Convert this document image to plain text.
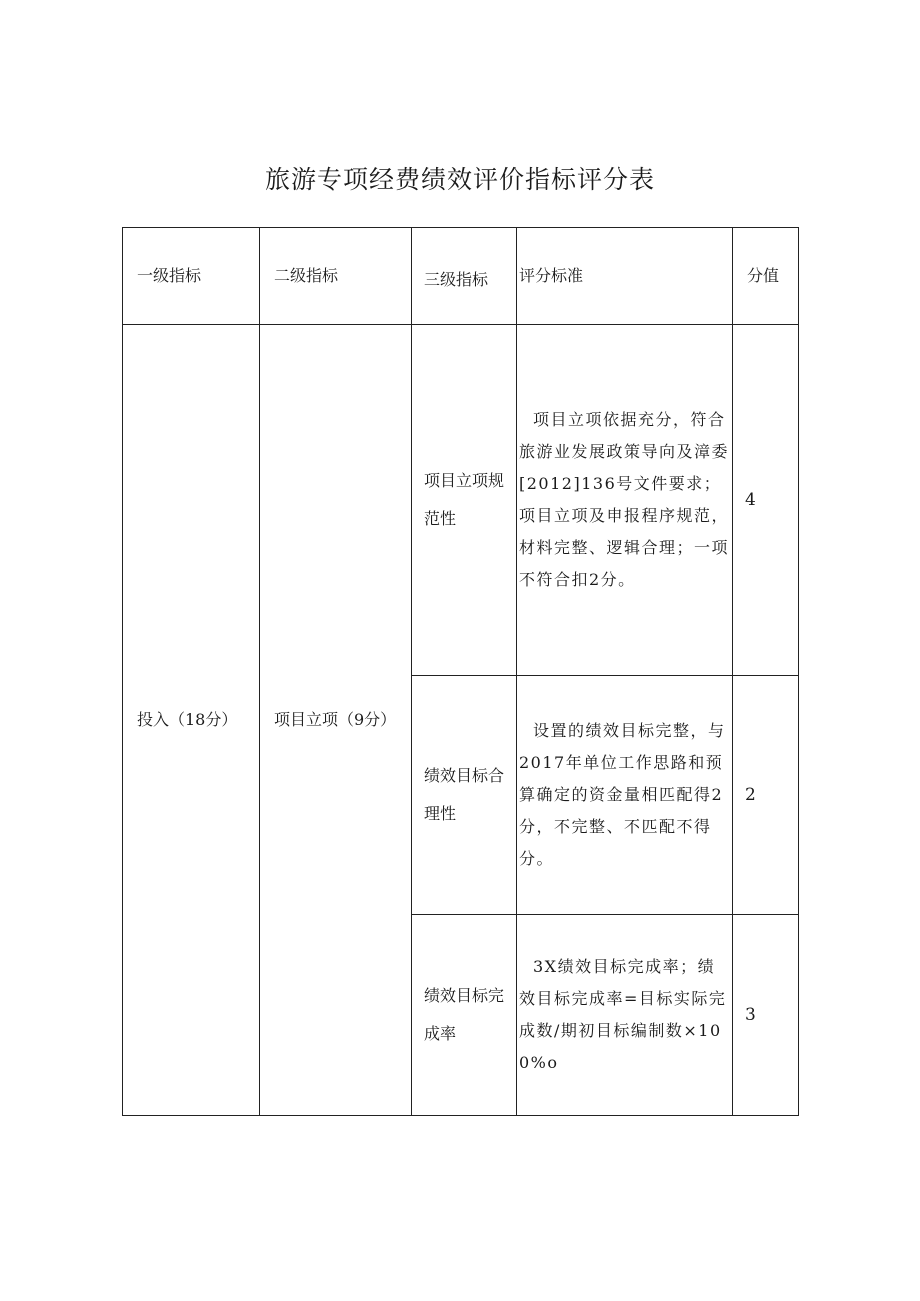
旅游专项经费绩效评价指标评分表
一级指标	二级指标	三级指标	评分标准	分值
投入（18分）	项目立项（9分）	项目立项规范性	项目立项依据充分，符合旅游业发展政策导向及漳委[2012]136号文件要求；项目立项及申报程序规范，材料完整、逻辑合理；一项不符合扣2分。	4
		绩效目标合理性	设置的绩效目标完整，与2017年单位工作思路和预算确定的资金量相匹配得2分，不完整、不匹配不得分。	2
		绩效目标完成率	3X绩效目标完成率；绩效目标完成率=目标实际完成数/期初目标编制数×100%o	3
